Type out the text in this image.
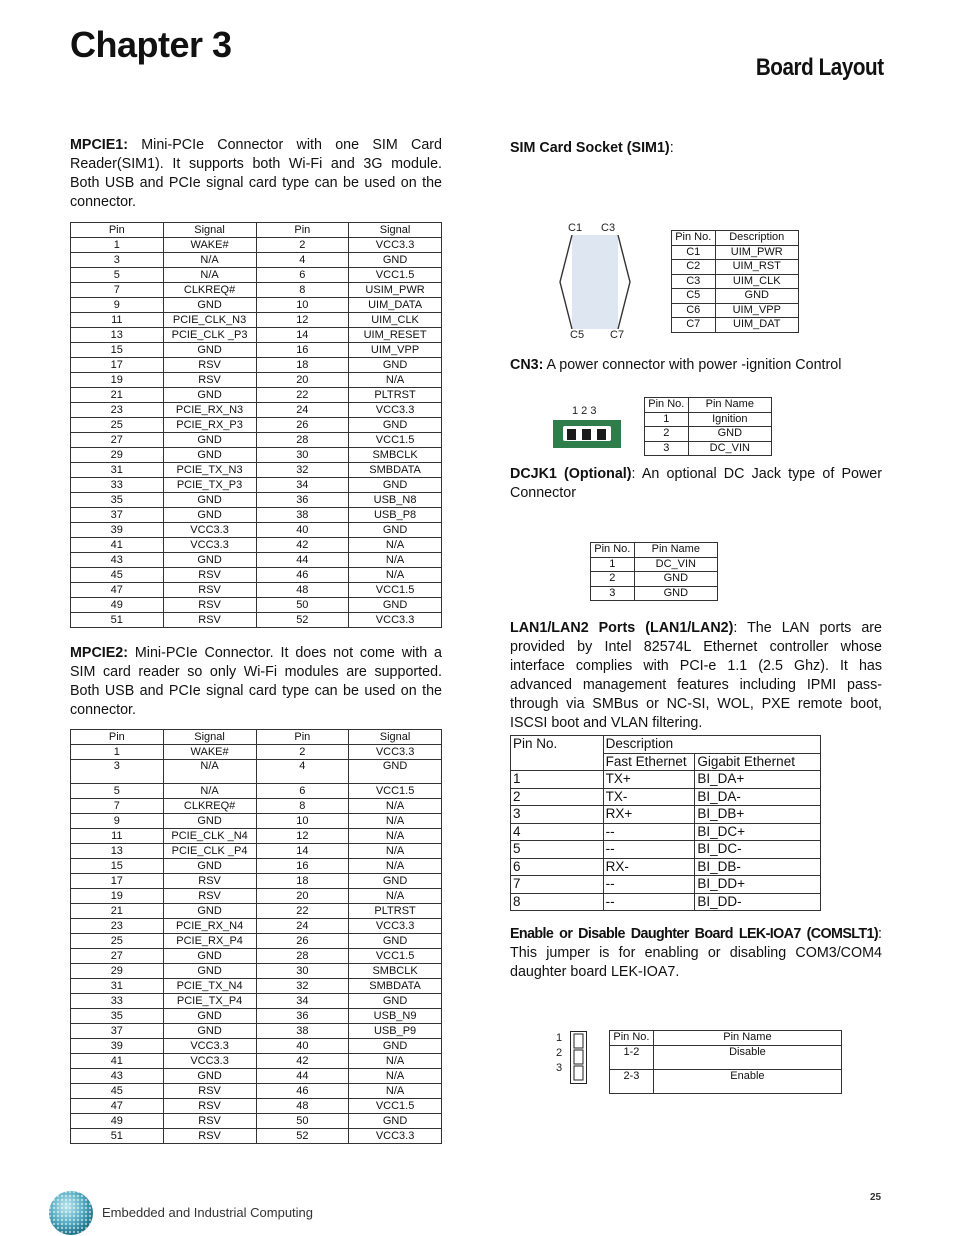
Chapter 3
Board Layout
MPCIE1: Mini-PCIe Connector with one SIM Card Reader(SIM1). It supports both Wi-Fi and 3G module. Both USB and PCIe signal card type can be used on the connector.
Pin	Signal	Pin	Signal
1	WAKE#	2	VCC3.3
3	N/A	4	GND
5	N/A	6	VCC1.5
7	CLKREQ#	8	USIM_PWR
9	GND	10	UIM_DATA
11	PCIE_CLK_N3	12	UIM_CLK
13	PCIE_CLK _P3	14	UIM_RESET
15	GND	16	UIM_VPP
17	RSV	18	GND
19	RSV	20	N/A
21	GND	22	PLTRST
23	PCIE_RX_N3	24	VCC3.3
25	PCIE_RX_P3	26	GND
27	GND	28	VCC1.5
29	GND	30	SMBCLK
31	PCIE_TX_N3	32	SMBDATA
33	PCIE_TX_P3	34	GND
35	GND	36	USB_N8
37	GND	38	USB_P8
39	VCC3.3	40	GND
41	VCC3.3	42	N/A
43	GND	44	N/A
45	RSV	46	N/A
47	RSV	48	VCC1.5
49	RSV	50	GND
51	RSV	52	VCC3.3
MPCIE2: Mini-PCIe Connector. It does not come with a SIM card reader so only Wi-Fi modules are supported. Both USB and PCIe signal card type can be used on the connector.
Pin	Signal	Pin	Signal
1	WAKE#	2	VCC3.3
3	N/A	4	GND
5	N/A	6	VCC1.5
7	CLKREQ#	8	N/A
9	GND	10	N/A
11	PCIE_CLK _N4	12	N/A
13	PCIE_CLK _P4	14	N/A
15	GND	16	N/A
17	RSV	18	GND
19	RSV	20	N/A
21	GND	22	PLTRST
23	PCIE_RX_N4	24	VCC3.3
25	PCIE_RX_P4	26	GND
27	GND	28	VCC1.5
29	GND	30	SMBCLK
31	PCIE_TX_N4	32	SMBDATA
33	PCIE_TX_P4	34	GND
35	GND	36	USB_N9
37	GND	38	USB_P9
39	VCC3.3	40	GND
41	VCC3.3	42	N/A
43	GND	44	N/A
45	RSV	46	N/A
47	RSV	48	VCC1.5
49	RSV	50	GND
51	RSV	52	VCC3.3
SIM Card Socket (SIM1):
C1 C3
C5 C7
Pin No.	Description
C1	UIM_PWR
C2	UIM_RST
C3	UIM_CLK
C5	GND
C6	UIM_VPP
C7	UIM_DAT
CN3: A power connector with power -ignition Control
1 2 3
Pin No.	Pin Name
1	Ignition
2	GND
3	DC_VIN
DCJK1 (Optional): An optional DC Jack type of Power Connector
Pin No.	Pin Name
1	DC_VIN
2	GND
3	GND
LAN1/LAN2 Ports (LAN1/LAN2): The LAN ports are provided by Intel 82574L Ethernet controller whose interface complies with PCI-e 1.1 (2.5 Ghz). It has advanced management features including IPMI pass-through via SMBus or NC-SI, WOL, PXE remote boot, ISCSI boot and VLAN filtering.
Pin No.	Description	
	Fast Ethernet	Gigabit Ethernet
1	TX+	BI_DA+
2	TX-	BI_DA-
3	RX+	BI_DB+
4	--	BI_DC+
5	--	BI_DC-
6	RX-	BI_DB-
7	--	BI_DD+
8	--	BI_DD-
Enable or Disable Daughter Board LEK-IOA7 (COMSLT1): This jumper is for enabling or disabling COM3/COM4 daughter board LEK-IOA7.
1
2
3
Pin No.	Pin Name
1-2	Disable
2-3	Enable
Embedded and Industrial Computing
25
